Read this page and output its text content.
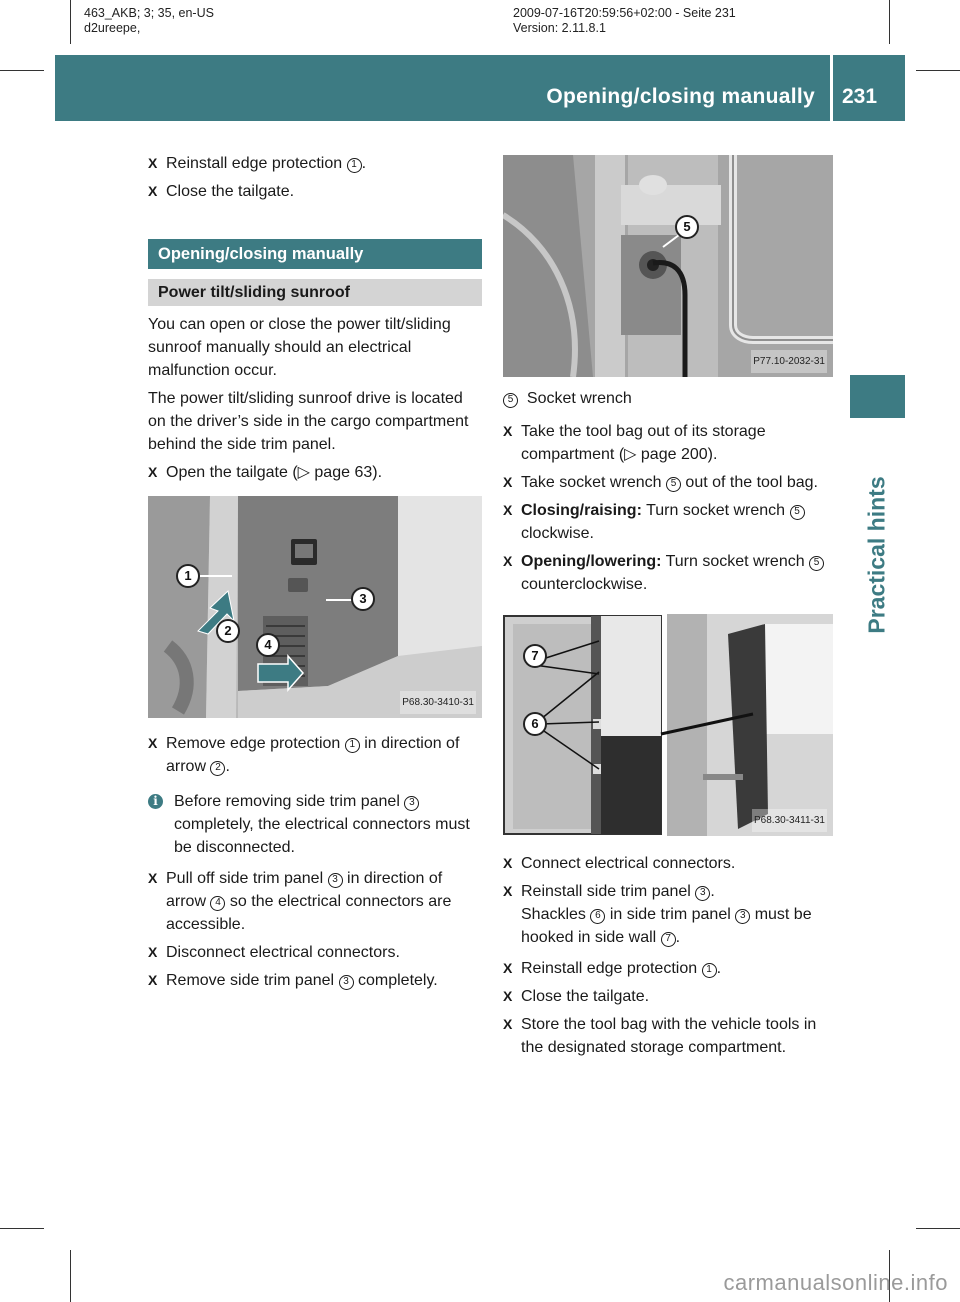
463_AKB; 3; 35, en-US
d2ureepe,
2009-07-16T20:59:56+02:00 - Seite 231
Version: 2.11.8.1
Opening/closing manually 231
Practical hints
X Reinstall edge protection 1 .
X Close the tailgate.
Opening/closing manually
Power tilt/sliding sunroof

You can open or close the power tilt/sliding sunroof manually should an electrical malfunction occur.

The power tilt/sliding sunroof drive is located on the driver’s side in the cargo compartment behind the side trim panel.

X Open the tailgate (▷ page 63).
1
2
3
4
P68.30-3410-31
X Remove edge protection 1 in direction of arrow 2 .
i	Before removing side trim panel 3 completely, the electrical connectors must be disconnected.
X Pull off side trim panel 3 in direction of arrow 4 so the electrical connectors are accessible.
X Disconnect electrical connectors.
X Remove side trim panel 3 completely.
5
P77.10-2032-31
5 Socket wrench
X Take the tool bag out of its storage compartment (▷ page 200).
X Take socket wrench 5 out of the tool bag.
X Closing/raising: Turn socket wrench 5 clockwise.
X Opening/lowering: Turn socket wrench 5 counterclockwise.
7
6
P68.30-3411-31
X Connect electrical connectors.
X Reinstall side trim panel 3 .
Shackles 6 in side trim panel 3 must be hooked in side wall 7 .
X Reinstall edge protection 1 .
X Close the tailgate.
X Store the tool bag with the vehicle tools in the designated storage compartment.
carmanualsonline.info
